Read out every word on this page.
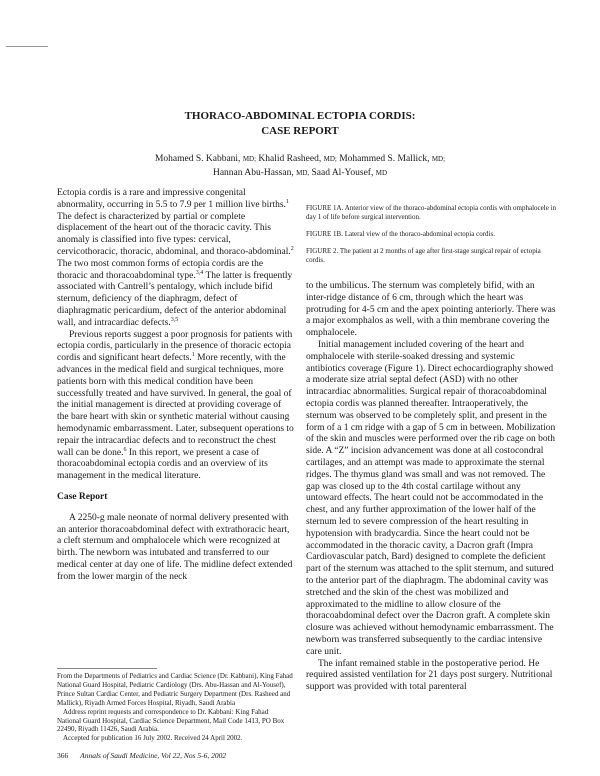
THORACO-ABDOMINAL ECTOPIA CORDIS:

CASE REPORT

Mohamed S. Kabbani, MD; Khalid Rasheed, MD; Mohammed S. Mallick, MD;
Hannan Abu-Hassan, MD, Saad Al-Yousef, MD

Ectopia cordis is a rare and impressive congenital abnormality, occurring in 5.5 to 7.9 per 1 million live births.$^1$ The defect is characterized by partial or complete displacement of the heart out of the thoracic cavity. This anomaly is classified into five types: cervical, cervicothoracic, thoracic, abdominal, and thoraco-abdominal.$^2$ The two most common forms of ectopia cordis are the thoracic and thoracoabdominal type.$^{3,4}$ The latter is frequently associated with Cantrell’s pentalogy, which include bifid sternum, deficiency of the diaphragm, defect of diaphragmatic pericardium, defect of the anterior abdominal wall, and intracardiac defects.$^{3,5}$

Previous reports suggest a poor prognosis for patients with ectopia cordis, particularly in the presence of thoracic ectopia cordis and significant heart defects.$^1$ More recently, with the advances in the medical field and surgical techniques, more patients born with this medical condition have been successfully treated and have survived. In general, the goal of the initial management is directed at providing coverage of the bare heart with skin or synthetic material without causing hemodynamic embarrassment. Later, subsequent operations to repair the intracardiac defects and to reconstruct the chest wall can be done.$^6$ In this report, we present a case of thoracoabdominal ectopia cordis and an overview of its management in the medical literature.

Case Report

A 2250-g male neonate of normal delivery presented with an anterior thoracoabdominal defect with extrathoracic heart, a cleft sternum and omphalocele which were recognized at birth. The newborn was intubated and transferred to our medical center at day one of life. The midline defect extended from the lower margin of the neck

FIGURE 1A. Anterior view of the thoraco-abdominal ectopia cordis with omphalocele in day 1 of life before surgical intervention.

FIGURE 1B. Lateral view of the thoraco-abdominal ectopia cordis.

FIGURE 2. The patient at 2 months of age after first-stage surgical repair of ectopia cordis.

to the umbilicus. The sternum was completely bifid, with an inter-ridge distance of 6 cm, through which the heart was protruding for 4-5 cm and the apex pointing anteriorly. There was a major exomphalos as well, with a thin membrane covering the omphalocele.

Initial management included covering of the heart and omphalocele with sterile-soaked dressing and systemic antibiotics coverage (Figure 1). Direct echocardiography showed a moderate size atrial septal defect (ASD) with no other intracardiac abnormalities. Surgical repair of thoracoabdominal ectopia cordis was planned thereafter. Intraoperatively, the sternum was observed to be completely split, and present in the form of a 1 cm ridge with a gap of 5 cm in between. Mobilization of the skin and muscles were performed over the rib cage on both side. A “Z” incision advancement was done at all costocondral cartilages, and an attempt was made to approximate the sternal ridges. The thymus gland was small and was not removed. The gap was closed up to the 4th costal cartilage without any untoward effects. The heart could not be accommodated in the chest, and any further approximation of the lower half of the sternum led to severe compression of the heart resulting in hypotension with bradycardia. Since the heart could not be accommodated in the thoracic cavity, a Dacron graft (Impra Cardiovascular patch, Bard) designed to complete the deficient part of the sternum was attached to the split sternum, and sutured to the anterior part of the diaphragm. The abdominal cavity was stretched and the skin of the chest was mobilized and approximated to the midline to allow closure of the thoracoabdominal defect over the Dacron graft. A complete skin closure was achieved without hemodynamic embarrassment. The newborn was transferred subsequently to the cardiac intensive care unit.

The infant remained stable in the postoperative period. He required assisted ventilation for 21 days post surgery. Nutritional support was provided with total parenteral

From the Departments of Pediatrics and Cardiac Science (Dr. Kabbani), King Fahad National Guard Hospital, Pediatric Cardiology (Drs. Abu-Hassan and Al-Yousef), Prince Sultan Cardiac Center, and Pediatric Surgery Department (Drs. Rasheed and Mallick), Riyadh Armed Forces Hospital, Riyadh, Saudi Arabia

Address reprint requests and correspondence to Dr. Kabbani: King Fahad National Guard Hospital, Cardiac Science Department, Mail Code 1413, PO Box 22490, Riyadh 11426, Saudi Arabia.

Accepted for publication 16 July 2002. Received 24 April 2002.

366 Annals of Saudi Medicine, Vol 22, Nos 5-6, 2002
